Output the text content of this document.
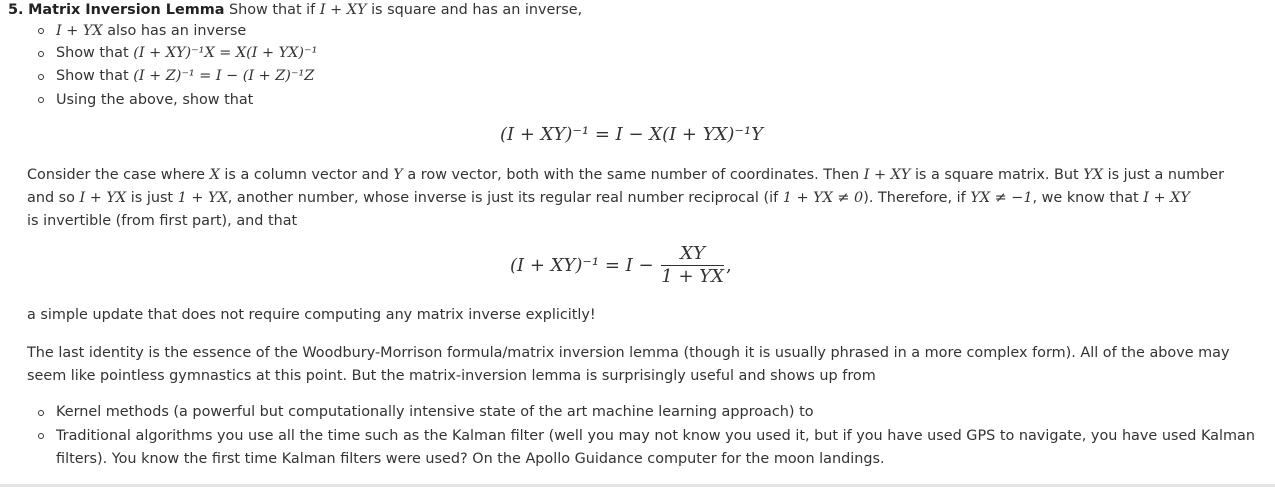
5. Matrix Inversion Lemma Show that if I + XY is square and has an inverse,
I + YX also has an inverse
Show that (I + XY)⁻¹X = X(I + YX)⁻¹
Show that (I + Z)⁻¹ = I − (I + Z)⁻¹Z
Using the above, show that
(I + XY)⁻¹ = I − X(I + YX)⁻¹Y
Consider the case where X is a column vector and Y a row vector, both with the same number of coordinates. Then I + XY is a square matrix. But YX is just a number
and so I + YX is just 1 + YX, another number, whose inverse is just its regular real number reciprocal (if 1 + YX ≠ 0). Therefore, if YX ≠ −1, we know that I + XY
is invertible (from first part), and that
$(I + XY)^{-1} = I - \frac{XY}{1 + YX}$ ,
a simple update that does not require computing any matrix inverse explicitly!
The last identity is the essence of the Woodbury-Morrison formula/matrix inversion lemma (though it is usually phrased in a more complex form). All of the above may
seem like pointless gymnastics at this point. But the matrix-inversion lemma is surprisingly useful and shows up from
Kernel methods (a powerful but computationally intensive state of the art machine learning approach) to
Traditional algorithms you use all the time such as the Kalman filter (well you may not know you used it, but if you have used GPS to navigate, you have used Kalman
filters). You know the first time Kalman filters were used? On the Apollo Guidance computer for the moon landings.
